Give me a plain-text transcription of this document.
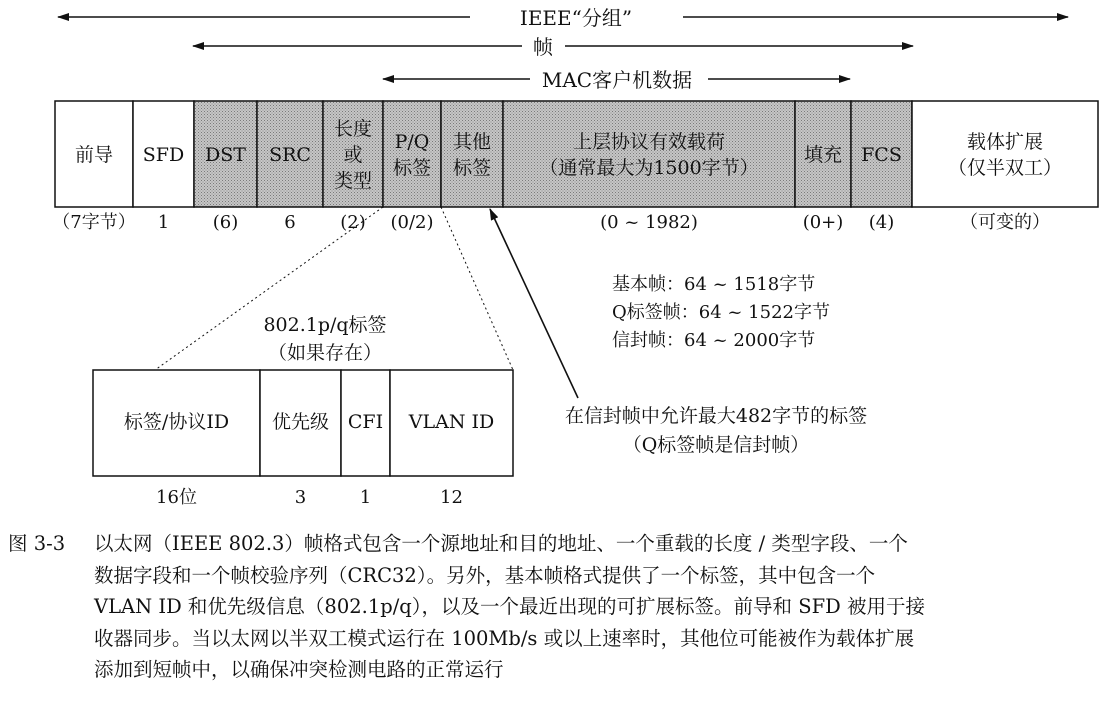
IEEE“分组”
帧
MAC客户机数据
前导
（7字节）
SFD
1
DST
(6)
SRC
6
长度
或
类型
(2)
P/Q
标签
(0/2)
其他
标签
上层协议有效载荷
（通常最大为1500字节）
(0 ~ 1982)
填充
(0+)
FCS
(4)
载体扩展
（仅半双工）
（可变的）
基本帧：64 ~ 1518字节
Q标签帧：64 ~ 1522字节
信封帧：64 ~ 2000字节
802.1p/q标签
（如果存在）
标签/协议ID
16位
优先级
3
CFI
1
VLAN ID
12
在信封帧中允许最大482字节的标签
（Q标签帧是信封帧）
图 3-3 以太网（IEEE 802.3）帧格式包含一个源地址和目的地址、一个重载的长度 / 类型字段、一个
数据字段和一个帧校验序列（CRC32）。另外，基本帧格式提供了一个标签，其中包含一个
VLAN ID 和优先级信息（802.1p/q），以及一个最近出现的可扩展标签。前导和 SFD 被用于接
收器同步。当以太网以半双工模式运行在 100Mb/s 或以上速率时，其他位可能被作为载体扩展
添加到短帧中，以确保冲突检测电路的正常运行
